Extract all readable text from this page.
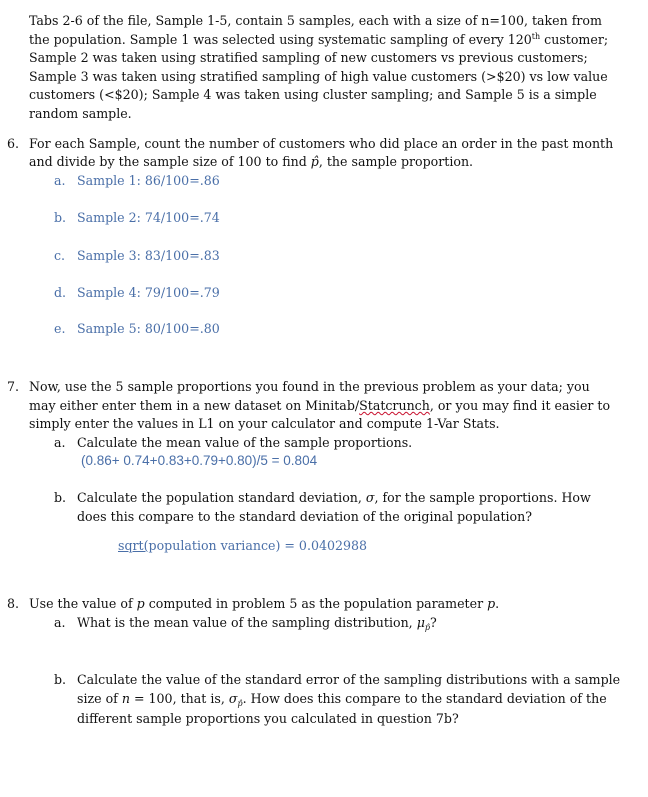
Tabs 2-6 of the file, Sample 1-5, contain 5 samples, each with a size of n=100, taken from
the population. Sample 1 was selected using systematic sampling of every 120th customer;
Sample 2 was taken using stratified sampling of new customers vs previous customers;
Sample 3 was taken using stratified sampling of high value customers (>$20) vs low value
customers (<$20); Sample 4 was taken using cluster sampling; and Sample 5 is a simple
random sample.
6. For each Sample, count the number of customers who did place an order in the past month
and divide by the sample size of 100 to find p̂, the sample proportion.
a. Sample 1: 86/100=.86
b. Sample 2: 74/100=.74
c. Sample 3: 83/100=.83
d. Sample 4: 79/100=.79
e. Sample 5: 80/100=.80
7. Now, use the 5 sample proportions you found in the previous problem as your data; you
may either enter them in a new dataset on Minitab/Statcrunch, or you may find it easier to
simply enter the values in L1 on your calculator and compute 1-Var Stats.
a. Calculate the mean value of the sample proportions.
(0.86+ 0.74+0.83+0.79+0.80)/5 = 0.804
b. Calculate the population standard deviation, σ, for the sample proportions. How
does this compare to the standard deviation of the original population?
sqrt(population variance) = 0.0402988
8. Use the value of p computed in problem 5 as the population parameter p.
a. What is the mean value of the sampling distribution, $\mu_{p̂}$?
b. Calculate the value of the standard error of the sampling distributions with a sample
size of n = 100, that is, $\sigma_{p̂}$. How does this compare to the standard deviation of the
different sample proportions you calculated in question 7b?
